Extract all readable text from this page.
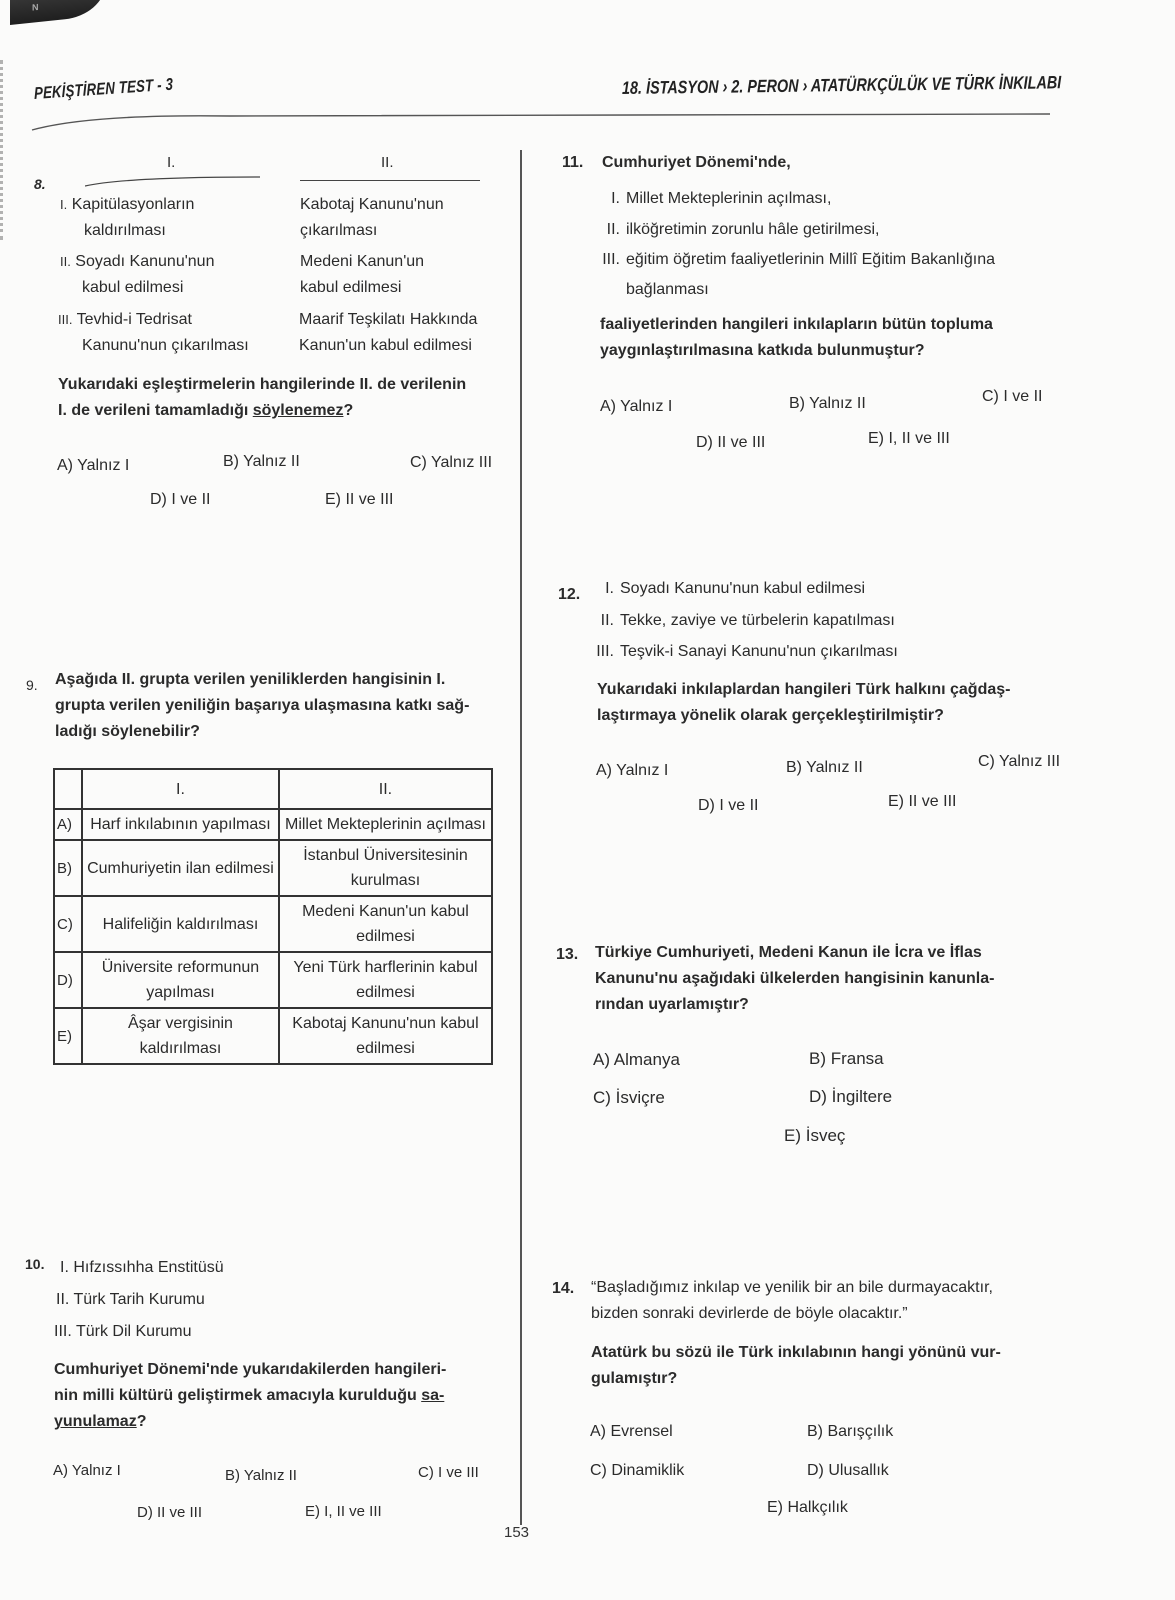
N
PEKİŞTİREN TEST - 3	18. İSTASYON › 2. PERON › ATATÜRKÇÜLÜK VE TÜRK İNKILABI
8.
I.	II.
I. Kapitülasyonların
kaldırılması
Kabotaj Kanunu'nun
çıkarılması
II. Soyadı Kanunu'nun
kabul edilmesi
Medeni Kanun'un
kabul edilmesi
III. Tevhid-i Tedrisat
Kanunu'nun çıkarılması
Maarif Teşkilatı Hakkında
Kanun'un kabul edilmesi
Yukarıdaki eşleştirmelerin hangilerinde II. de verilenin
I. de verileni tamamladığı söylenemez?
A) Yalnız I	B) Yalnız II	C) Yalnız III
D) I ve II	E) II ve III
9. Aşağıda II. grupta verilen yeniliklerden hangisinin I.
grupta verilen yeniliğin başarıya ulaşmasına katkı sağ-
ladığı söylenebilir?
	I.	II.
A)	Harf inkılabının yapılması	Millet Mekteplerinin açılması
B)	Cumhuriyetin ilan edilmesi	İstanbul Üniversitesinin kurulması
C)	Halifeliğin kaldırılması	Medeni Kanun'un kabul edilmesi
D)	Üniversite reformunun yapılması	Yeni Türk harflerinin kabul edilmesi
E)	Âşar vergisinin kaldırılması	Kabotaj Kanunu'nun kabul edilmesi
10. I. Hıfzıssıhha Enstitüsü
II. Türk Tarih Kurumu
III. Türk Dil Kurumu
Cumhuriyet Dönemi'nde yukarıdakilerden hangileri-
nin milli kültürü geliştirmek amacıyla kurulduğu sa-
yunulamaz?
A) Yalnız I	B) Yalnız II	C) I ve III
D) II ve III	E) I, II ve III
153
11. Cumhuriyet Dönemi'nde,
I. Millet Mekteplerinin açılması,
II. ilköğretimin zorunlu hâle getirilmesi,
III. eğitim öğretim faaliyetlerinin Millî Eğitim Bakanlığına
bağlanması
faaliyetlerinden hangileri inkılapların bütün topluma
yaygınlaştırılmasına katkıda bulunmuştur?
A) Yalnız I	B) Yalnız II	C) I ve II
D) II ve III	E) I, II ve III
12.	I. Soyadı Kanunu'nun kabul edilmesi
II. Tekke, zaviye ve türbelerin kapatılması
III. Teşvik-i Sanayi Kanunu'nun çıkarılması
Yukarıdaki inkılaplardan hangileri Türk halkını çağdaş-
laştırmaya yönelik olarak gerçekleştirilmiştir?
A) Yalnız I	B) Yalnız II	C) Yalnız III
D) I ve II	E) II ve III
13. Türkiye Cumhuriyeti, Medeni Kanun ile İcra ve İflas
Kanunu'nu aşağıdaki ülkelerden hangisinin kanunla-
rından uyarlamıştır?
A) Almanya	B) Fransa
C) İsviçre	D) İngiltere
E) İsveç
14. “Başladığımız inkılap ve yenilik bir an bile durmayacaktır,
bizden sonraki devirlerde de böyle olacaktır.”
Atatürk bu sözü ile Türk inkılabının hangi yönünü vur-
gulamıştır?
A) Evrensel	B) Barışçılık
C) Dinamiklik	D) Ulusallık
E) Halkçılık
